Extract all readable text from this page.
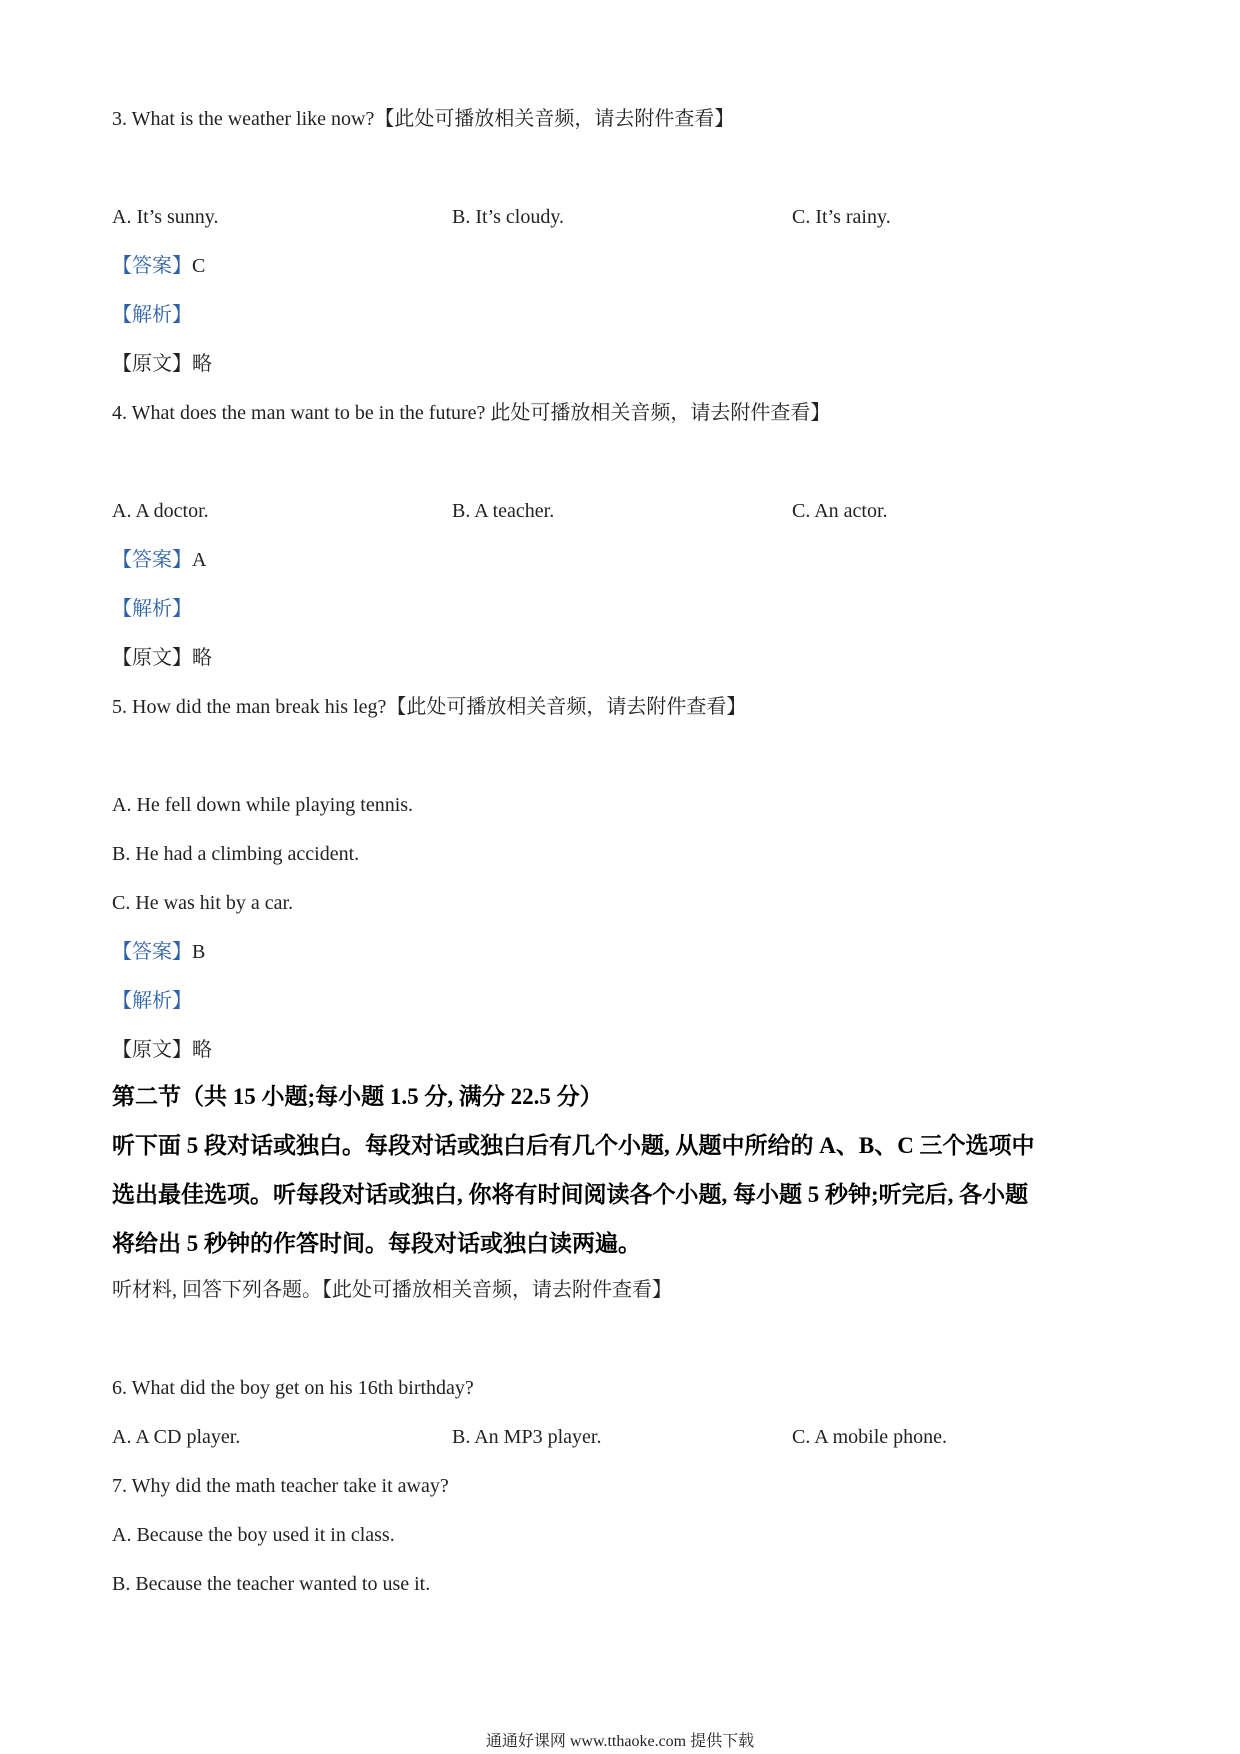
3. What is the weather like now?【此处可播放相关音频，请去附件查看】
A. It’s sunny.	B. It’s cloudy.	C. It’s rainy.
【答案】C
【解析】
【原文】略
4. What does the man want to be in the future? 此处可播放相关音频，请去附件查看】
A. A doctor.	B. A teacher.	C. An actor.
【答案】A
【解析】
【原文】略
5. How did the man break his leg?【此处可播放相关音频，请去附件查看】
A. He fell down while playing tennis.
B. He had a climbing accident.
C. He was hit by a car.
【答案】B
【解析】
【原文】略
第二节（共 15 小题;每小题 1.5 分, 满分 22.5 分）
听下面 5 段对话或独白。每段对话或独白后有几个小题, 从题中所给的 A、B、C 三个选项中
选出最佳选项。听每段对话或独白, 你将有时间阅读各个小题, 每小题 5 秒钟;听完后, 各小题
将给出 5 秒钟的作答时间。每段对话或独白读两遍。
听材料, 回答下列各题。【此处可播放相关音频，请去附件查看】
6. What did the boy get on his 16th birthday?
A. A CD player.	B. An MP3 player.	C. A mobile phone.
7. Why did the math teacher take it away?
A. Because the boy used it in class.
B. Because the teacher wanted to use it.
通通好课网 www.tthaoke.com 提供下载
